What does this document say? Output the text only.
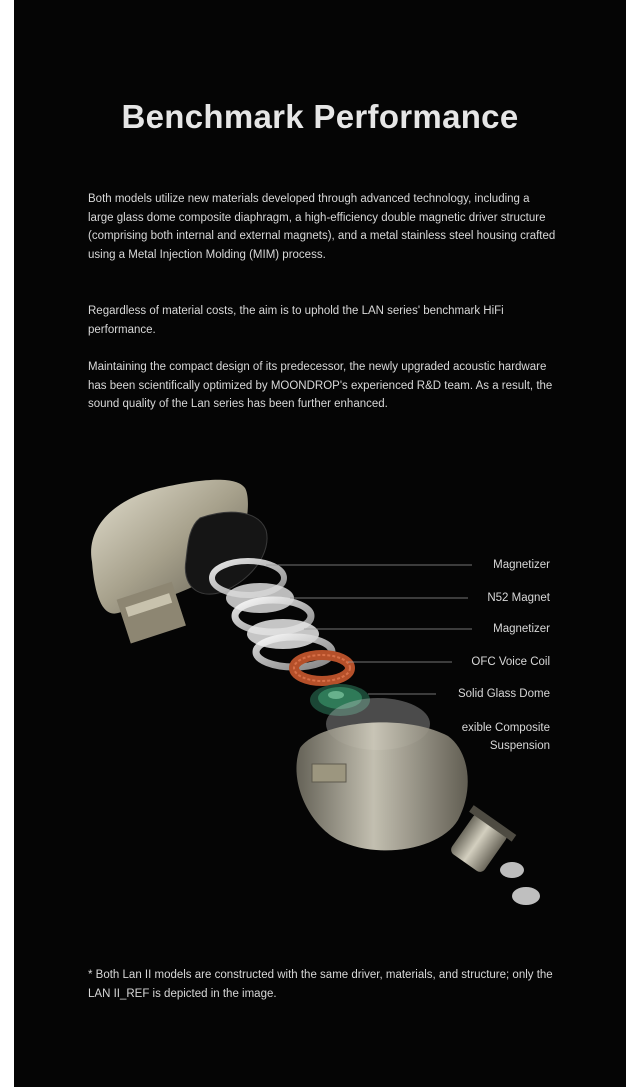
Benchmark Performance

Both models utilize new materials developed through advanced technology, including a large glass dome composite diaphragm, a high-efficiency double magnetic driver structure (comprising both internal and external magnets), and a metal stainless steel housing crafted using a Metal Injection Molding (MIM) process.

Regardless of material costs, the aim is to uphold the LAN series' benchmark HiFi performance.

Maintaining the compact design of its predecessor, the newly upgraded acoustic hardware has been scientifically optimized by MOONDROP's experienced R&D team. As a result, the sound quality of the Lan series has been further enhanced.

Magnetizer
N52 Magnet
Magnetizer
OFC Voice Coil
Solid Glass Dome
exible Composite
Suspension

* Both Lan II models are constructed with the same driver, materials, and structure; only the LAN II_REF is depicted in the image.
